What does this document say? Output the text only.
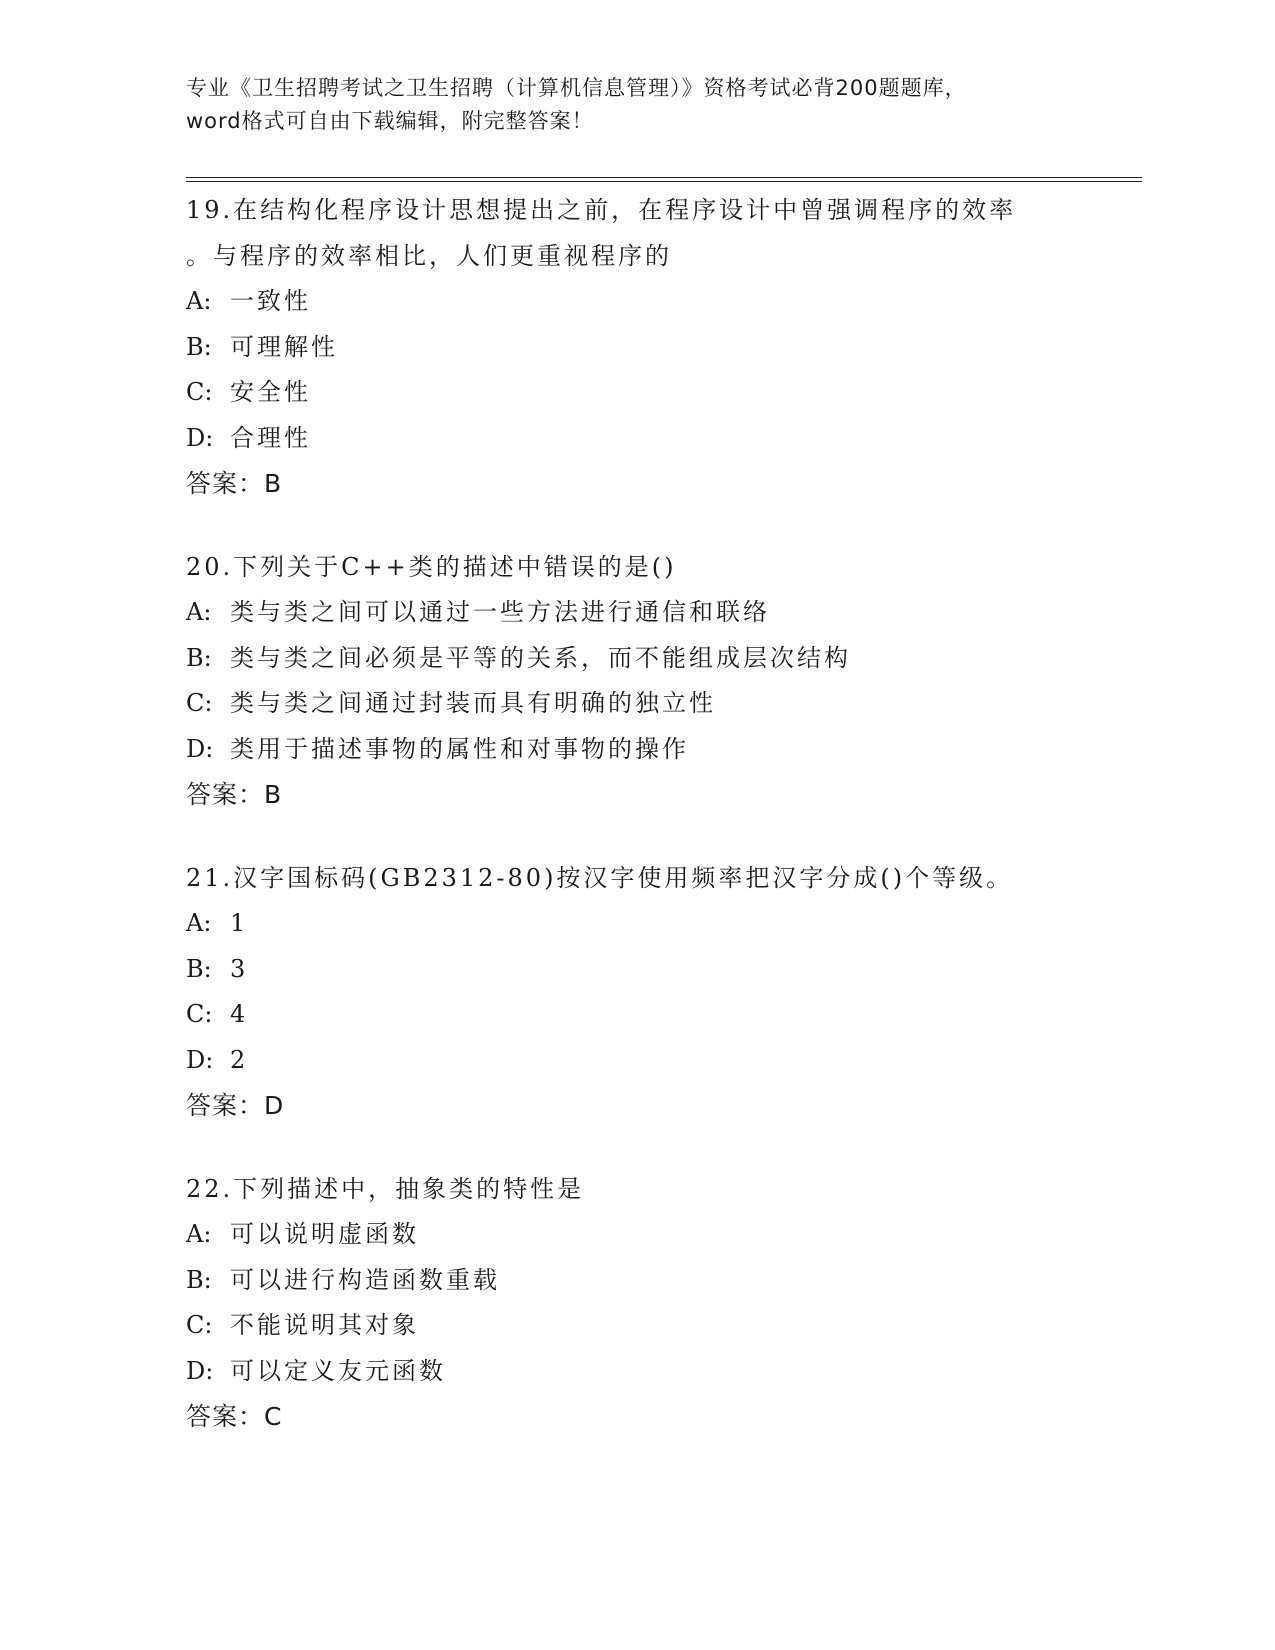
专业《卫生招聘考试之卫生招聘（计算机信息管理）》资格考试必背200题题库，
word格式可自由下载编辑，附完整答案！
19.在结构化程序设计思想提出之前，在程序设计中曾强调程序的效率
。与程序的效率相比，人们更重视程序的
A: 一致性
B: 可理解性
C: 安全性
D: 合理性
答案：B
20.下列关于C++类的描述中错误的是()
A: 类与类之间可以通过一些方法进行通信和联络
B: 类与类之间必须是平等的关系，而不能组成层次结构
C: 类与类之间通过封装而具有明确的独立性
D: 类用于描述事物的属性和对事物的操作
答案：B
21.汉字国标码(GB2312-80)按汉字使用频率把汉字分成()个等级。
A: 1
B: 3
C: 4
D: 2
答案：D
22.下列描述中，抽象类的特性是
A: 可以说明虚函数
B: 可以进行构造函数重载
C: 不能说明其对象
D: 可以定义友元函数
答案：C
